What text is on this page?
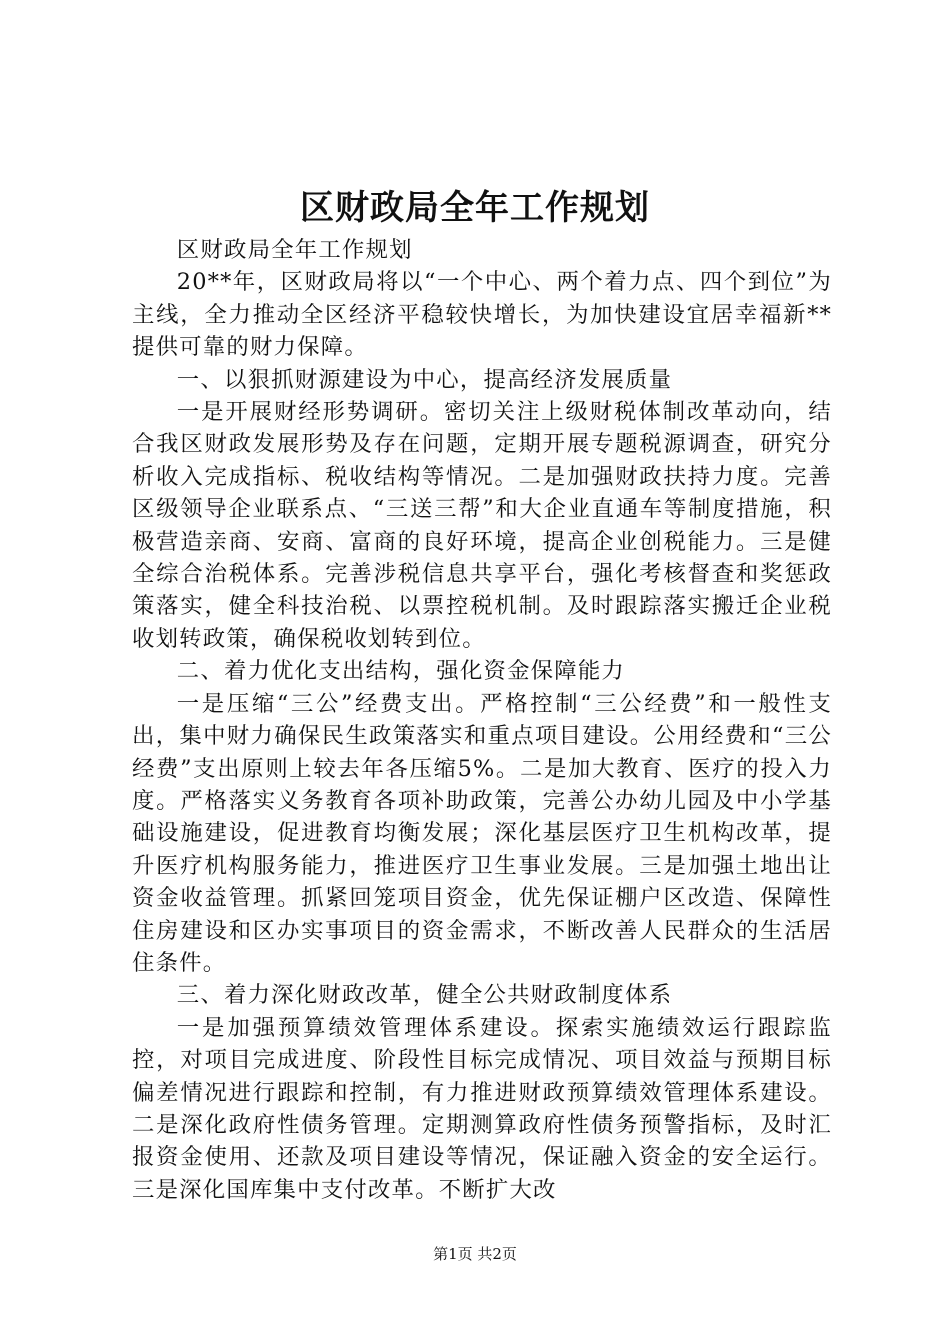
区财政局全年工作规划

区财政局全年工作规划

20**年，区财政局将以“一个中心、两个着力点、四个到位”为主线，全力推动全区经济平稳较快增长，为加快建设宜居幸福新**提供可靠的财力保障。

一、以狠抓财源建设为中心，提高经济发展质量

一是开展财经形势调研。密切关注上级财税体制改革动向，结合我区财政发展形势及存在问题，定期开展专题税源调查，研究分析收入完成指标、税收结构等情况。二是加强财政扶持力度。完善区级领导企业联系点、“三送三帮”和大企业直通车等制度措施，积极营造亲商、安商、富商的良好环境，提高企业创税能力。三是健全综合治税体系。完善涉税信息共享平台，强化考核督查和奖惩政策落实，健全科技治税、以票控税机制。及时跟踪落实搬迁企业税收划转政策，确保税收划转到位。

二、着力优化支出结构，强化资金保障能力

一是压缩“三公”经费支出。严格控制“三公经费”和一般性支出，集中财力确保民生政策落实和重点项目建设。公用经费和“三公经费”支出原则上较去年各压缩5%。二是加大教育、医疗的投入力度。严格落实义务教育各项补助政策，完善公办幼儿园及中小学基础设施建设，促进教育均衡发展；深化基层医疗卫生机构改革，提升医疗机构服务能力，推进医疗卫生事业发展。三是加强土地出让资金收益管理。抓紧回笼项目资金，优先保证棚户区改造、保障性住房建设和区办实事项目的资金需求，不断改善人民群众的生活居住条件。

三、着力深化财政改革，健全公共财政制度体系

一是加强预算绩效管理体系建设。探索实施绩效运行跟踪监控，对项目完成进度、阶段性目标完成情况、项目效益与预期目标偏差情况进行跟踪和控制，有力推进财政预算绩效管理体系建设。二是深化政府性债务管理。定期测算政府性债务预警指标，及时汇报资金使用、还款及项目建设等情况，保证融入资金的安全运行。三是深化国库集中支付改革。不断扩大改

第1页 共2页
